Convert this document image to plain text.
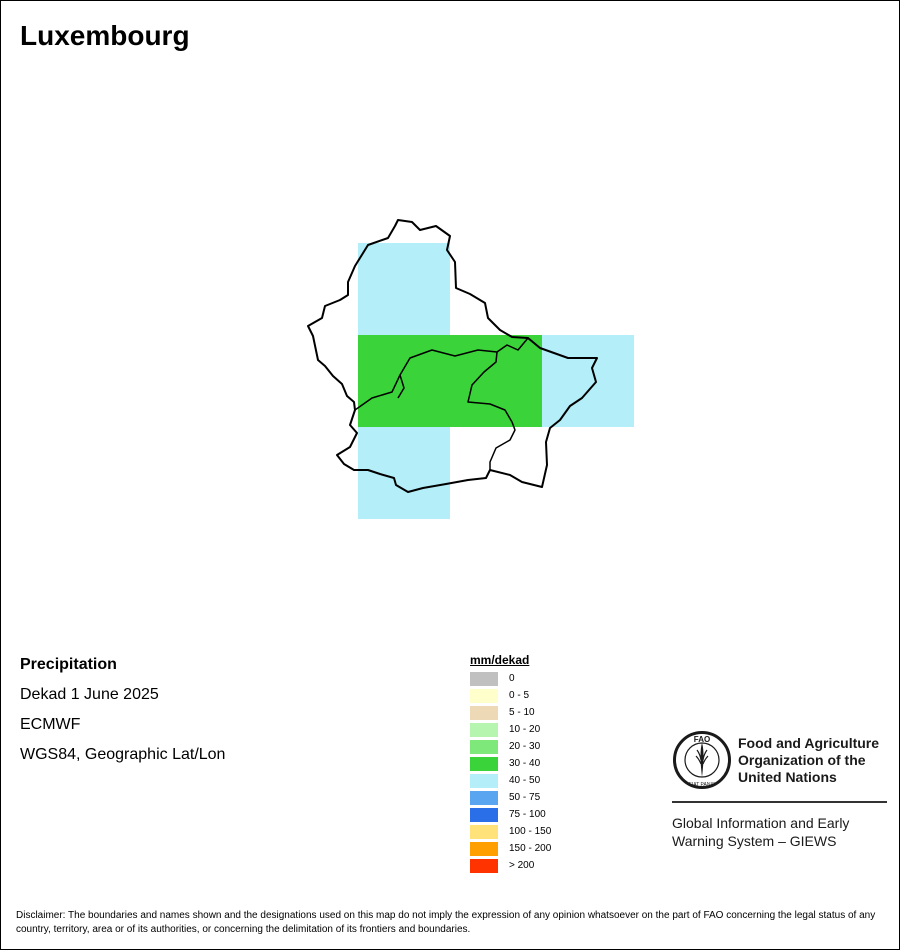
Luxembourg
Precipitation
Dekad 1 June 2025
ECMWF
WGS84, Geographic Lat/Lon
mm/dekad
0
0 - 5
5 - 10
10 - 20
20 - 30
30 - 40
40 - 50
50 - 75
75 - 100
100 - 150
150 - 200
> 200
FAO
FIAT PANIS
Food and Agriculture
Organization of the
United Nations
Global Information and Early
Warning System – GIEWS
Disclaimer: The boundaries and names shown and the designations used on this map do not imply the expression of any opinion whatsoever on the part of FAO concerning the legal status of any country, territory, area or of its authorities, or concerning the delimitation of its frontiers and boundaries.
